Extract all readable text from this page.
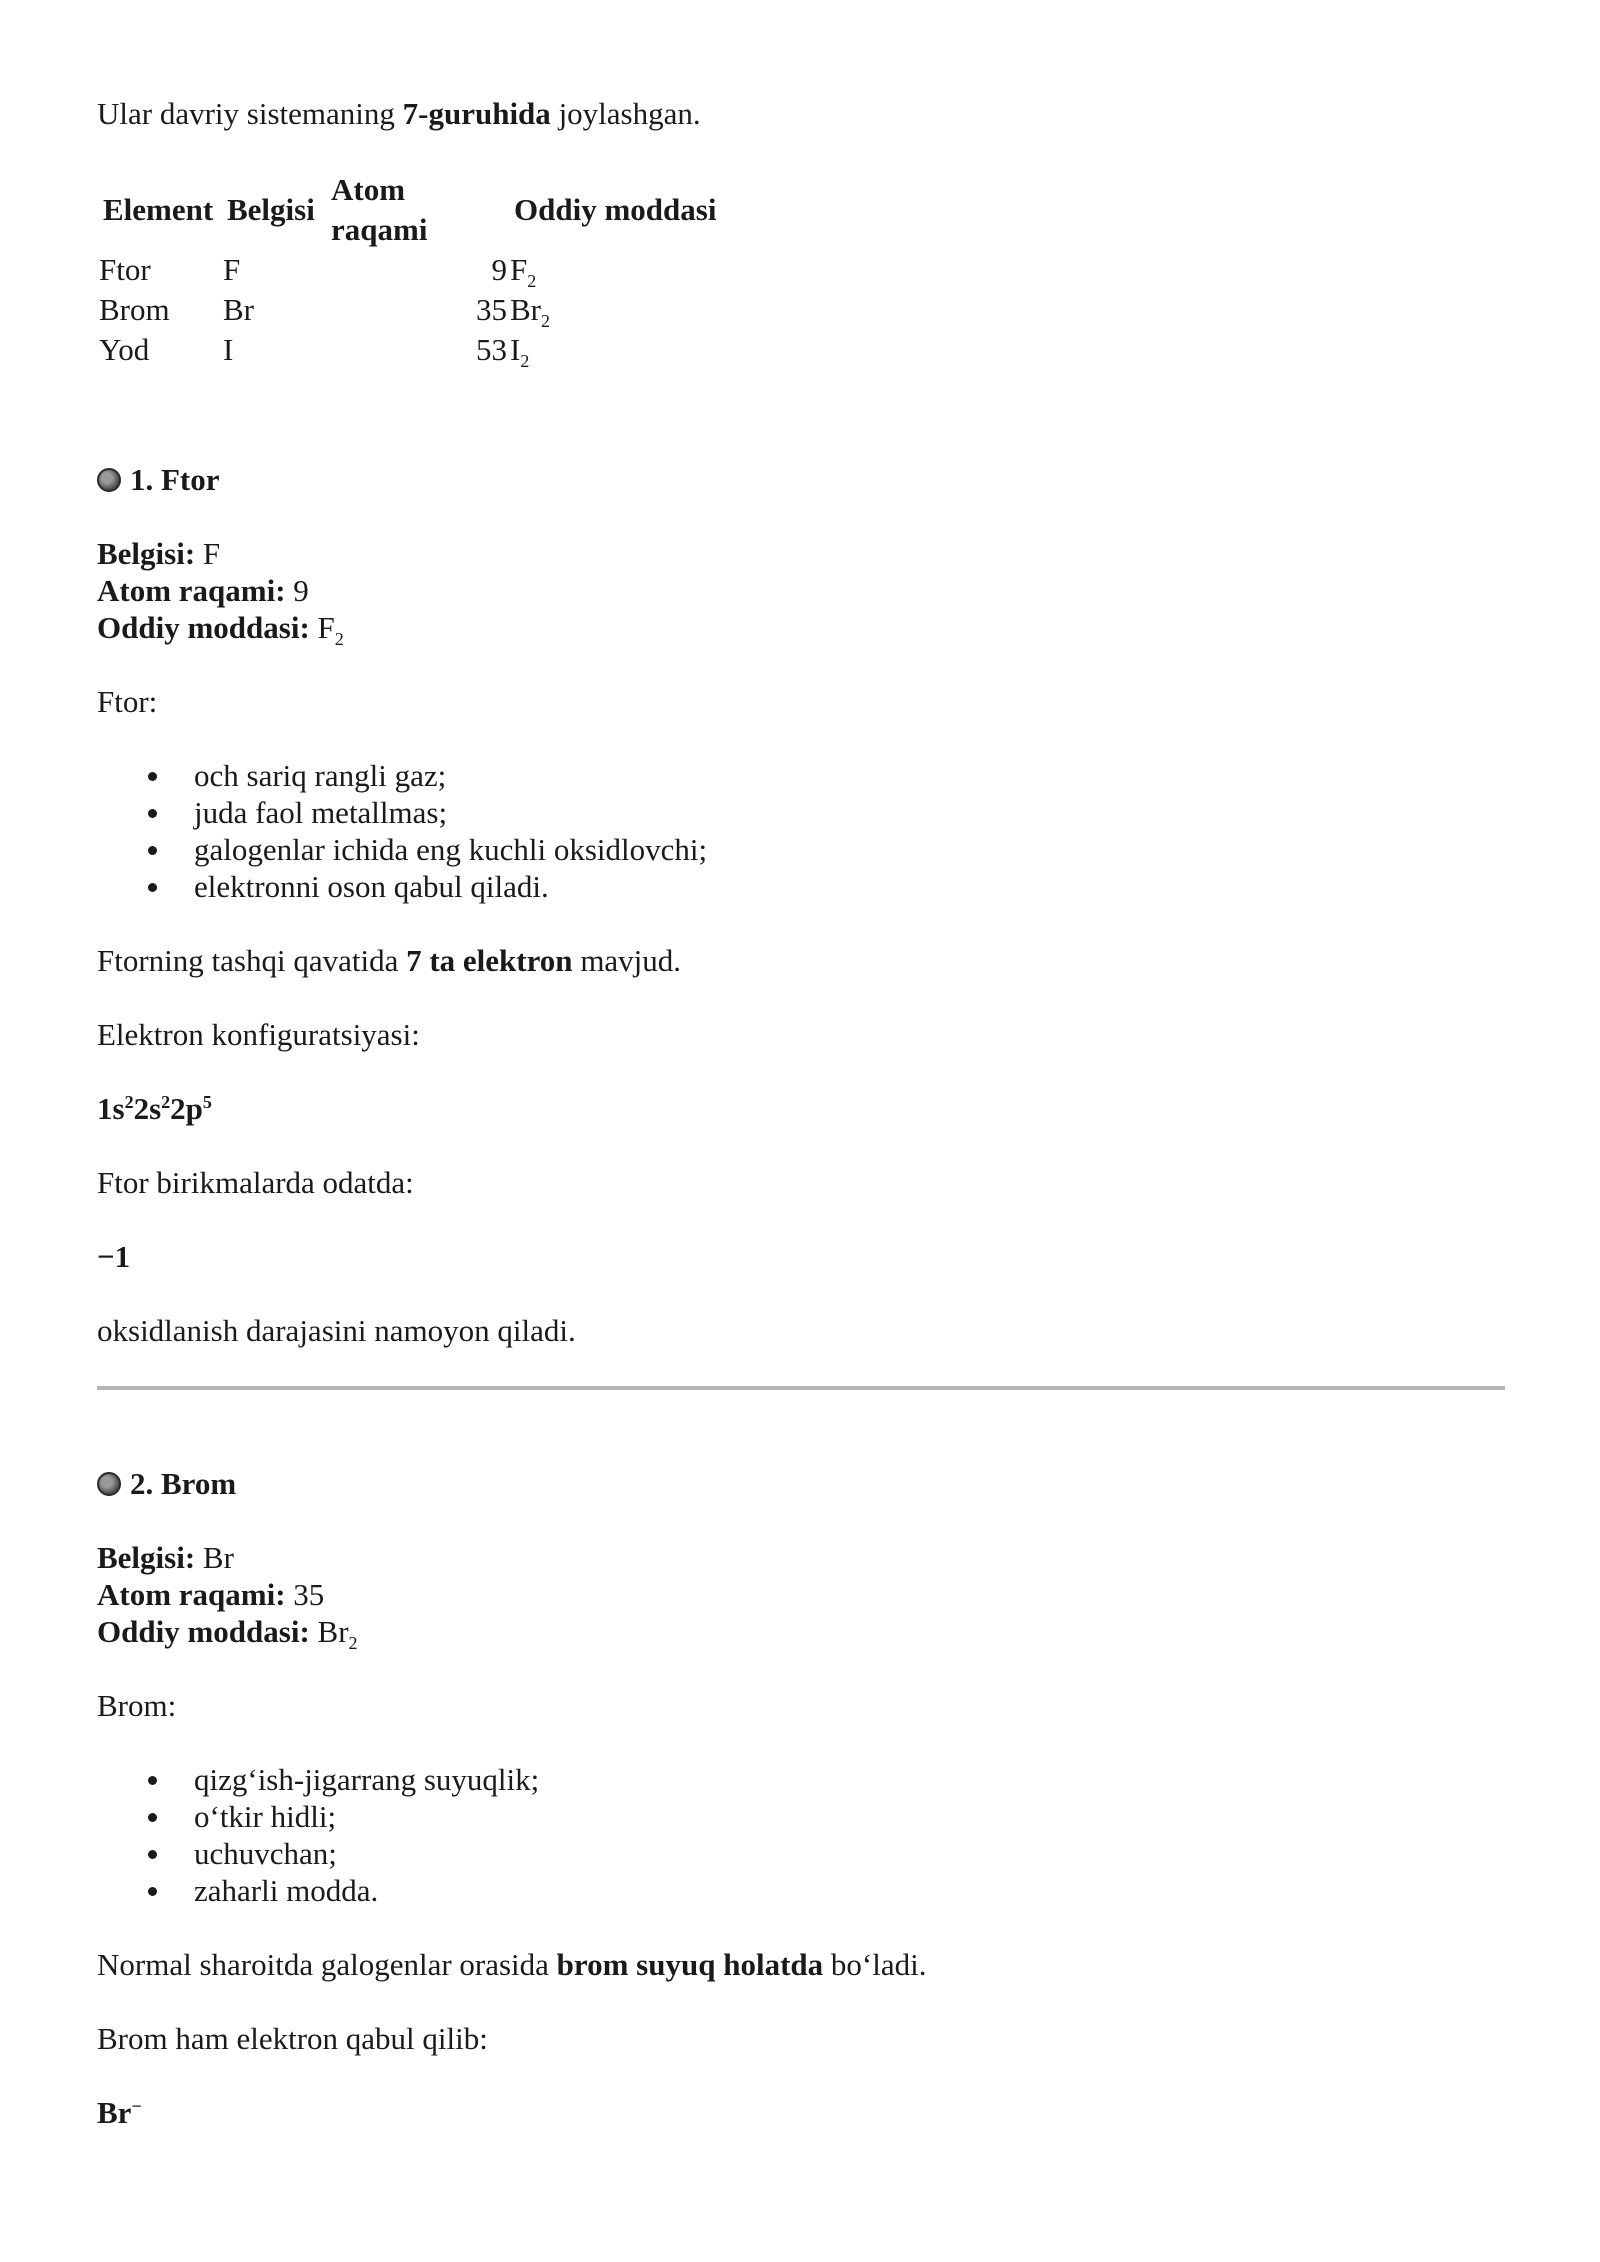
Ular davriy sistemaning 7-guruhida joylashgan.

Element	Belgisi	Atom raqami	Oddiy moddasi
Ftor	F	9	$F_2$
Brom	Br	35	$Br_2$
Yod	I	53	$I_2$
1. Ftor

Belgisi: F

Atom raqami: 9

Oddiy moddasi: $F_2$

Ftor:

och sariq rangli gaz;
juda faol metallmas;
galogenlar ichida eng kuchli oksidlovchi;
elektronni oson qabul qiladi.

Ftorning tashqi qavatida 7 ta elektron mavjud.

Elektron konfiguratsiyasi:

$1s^22s^22p^5$

Ftor birikmalarda odatda:

−1

oksidlanish darajasini namoyon qiladi.

2. Brom

Belgisi: Br

Atom raqami: 35

Oddiy moddasi: $Br_2$

Brom:

qizg‘ish-jigarrang suyuqlik;
o‘tkir hidli;
uchuvchan;
zaharli modda.

Normal sharoitda galogenlar orasida brom suyuq holatda bo‘ladi.

Brom ham elektron qabul qilib:

Br−
